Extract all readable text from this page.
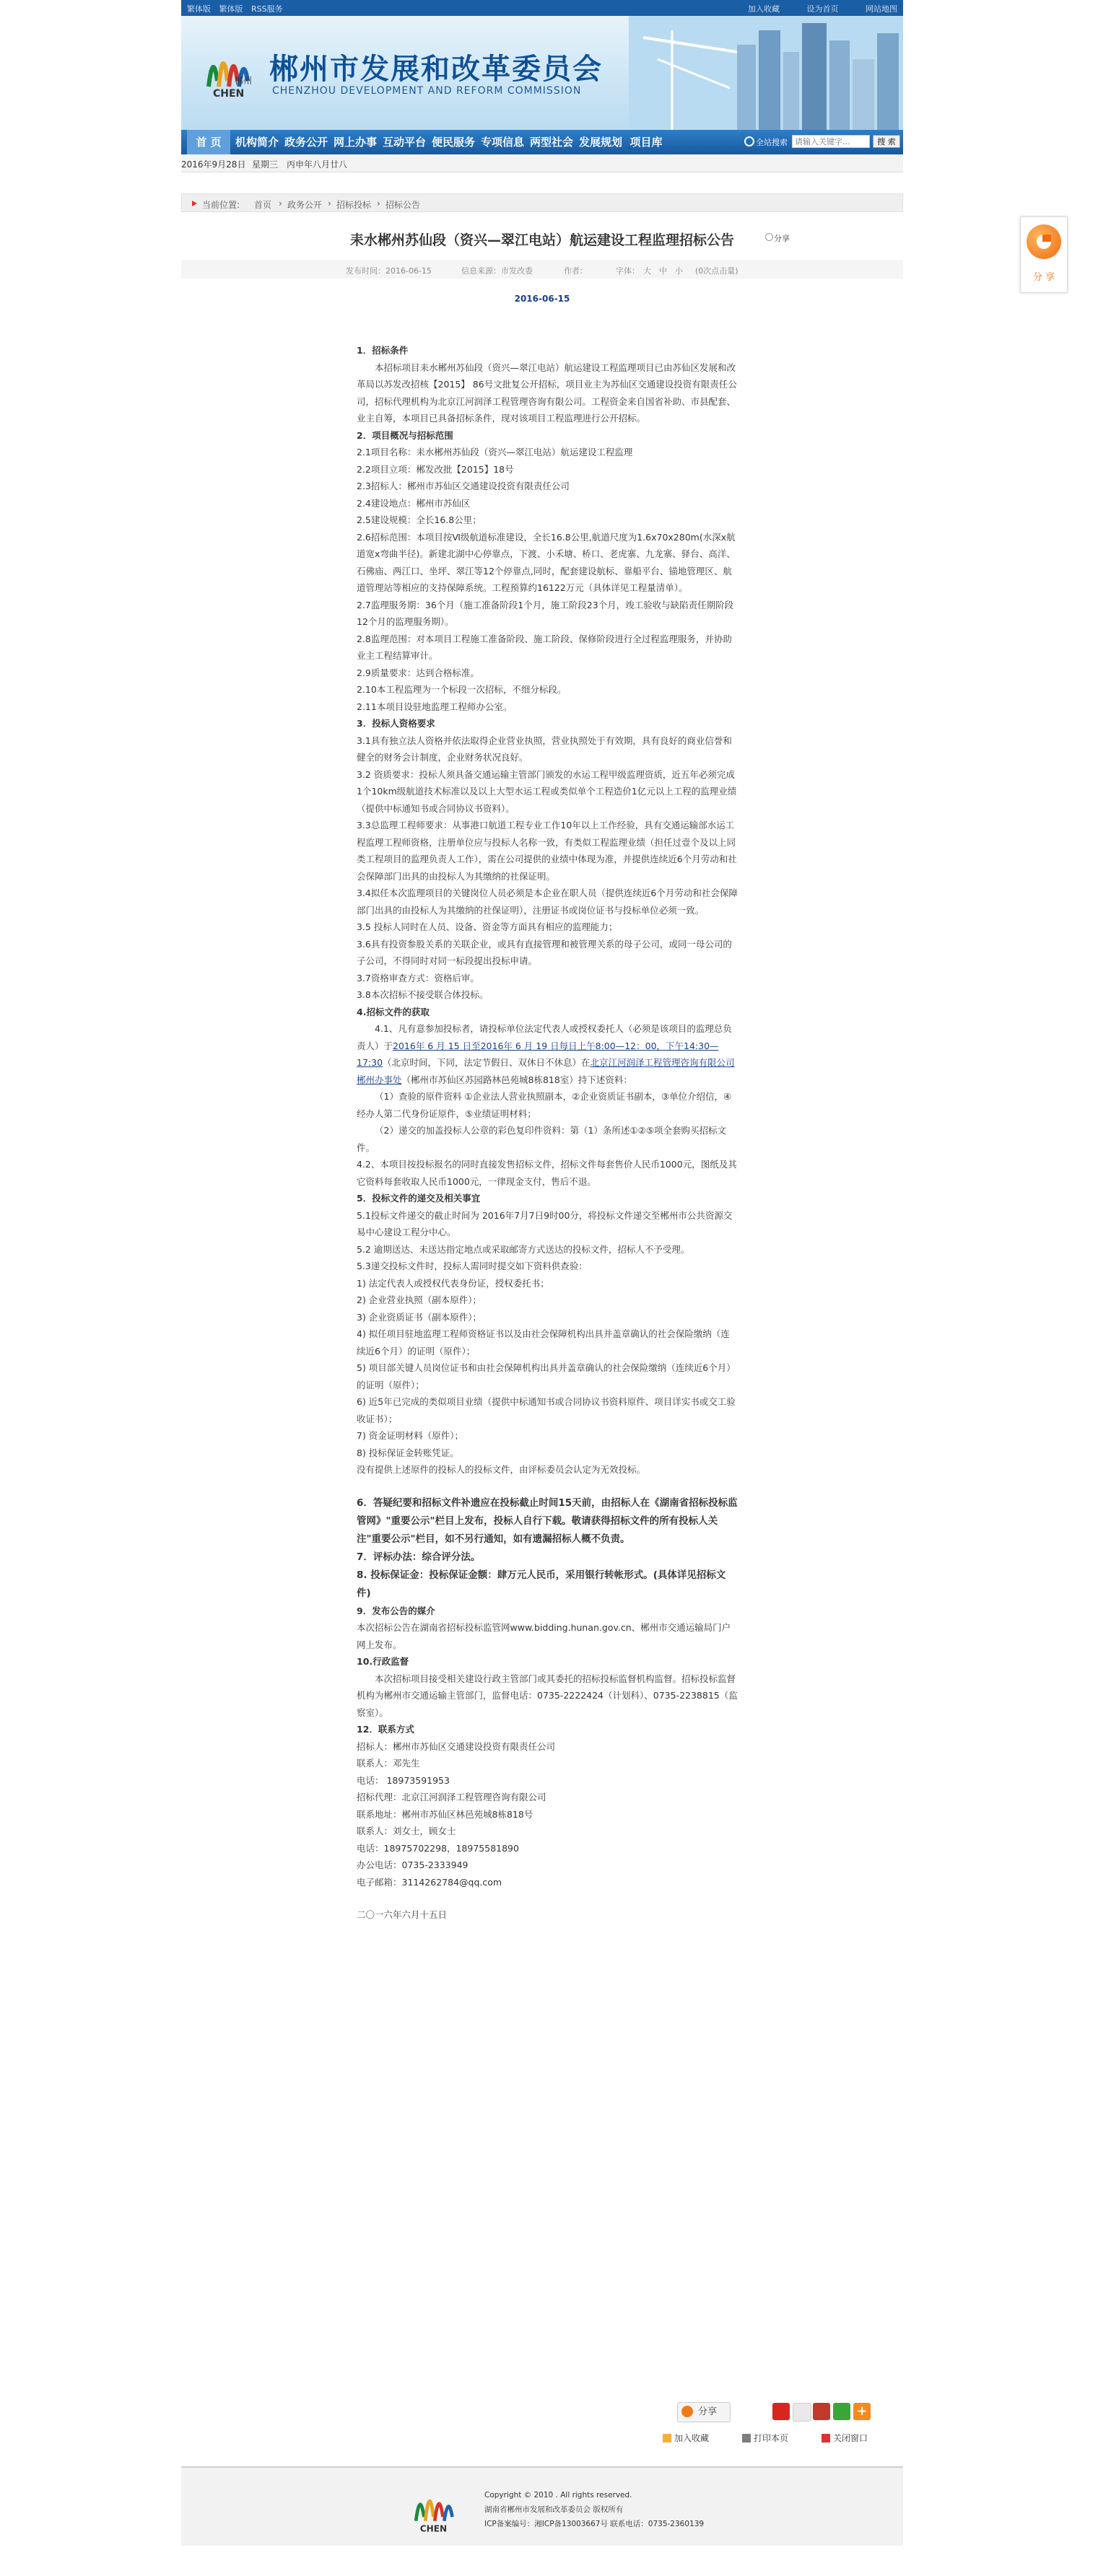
繁体版 繁体版 RSS服务	加入收藏	设为首页	网站地图
郴州
CHEN
郴州市发展和改革委员会
CHENZHOU DEVELOPMENT AND REFORM COMMISSION
首 页	机构简介 政务公开 网上办事 互动平台 便民服务 专项信息 两型社会 发展规划 项目库	全站搜索
请输入关键字...	搜 索
2016年9月28日 星期三 丙申年八月廿八
当前位置: 首页 › 政务公开 › 招标投标 › 招标公告
耒水郴州苏仙段（资兴—翠江电站）航运建设工程监理招标公告	分享
发布时间：2016-06-15	信息来源：市发改委	作者：	字体： 大 中 小 (0次点击量)
2016-06-15

1．招标条件

本招标项目耒水郴州苏仙段（资兴—翠江电站）航运建设工程监理项目已由苏仙区发展和改革局以苏发改招核【2015】 86号文批复公开招标，项目业主为苏仙区交通建设投资有限责任公司，招标代理机构为北京江河润泽工程管理咨询有限公司。工程资金来自国省补助、市县配套、业主自筹，本项目已具备招标条件，现对该项目工程监理进行公开招标。

2．项目概况与招标范围

2.1项目名称：耒水郴州苏仙段（资兴—翠江电站）航运建设工程监理

2.2项目立项：郴发改批【2015】18号

2.3招标人：郴州市苏仙区交通建设投资有限责任公司

2.4建设地点：郴州市苏仙区

2.5建设规模：全长16.8公里；

2.6招标范围：本项目按Ⅵ级航道标准建设，全长16.8公里,航道尺度为1.6x70x280m(水深x航道宽x弯曲半径)。新建北湖中心停靠点，下渡、小禾塘、桥口、老虎寨、九龙寨、驿台、高洋、石佛庙、两江口、坐坪、翠江等12个停靠点,同时，配套建设航标、靠船平台、锚地管理区、航道管理站等相应的支持保障系统。工程预算约16122万元（具体详见工程量清单）。

2.7监理服务期：36个月（施工准备阶段1个月，施工阶段23个月，竣工验收与缺陷责任期阶段12个月的监理服务期）。

2.8监理范围：对本项目工程施工准备阶段、施工阶段、保修阶段进行全过程监理服务，并协助业主工程结算审计。

2.9质量要求：达到合格标准。

2.10本工程监理为一个标段一次招标，不细分标段。

2.11本项目设驻地监理工程师办公室。

3．投标人资格要求

3.1具有独立法人资格并依法取得企业营业执照，营业执照处于有效期，具有良好的商业信誉和健全的财务会计制度，企业财务状况良好。

3.2 资质要求：投标人须具备交通运输主管部门颁发的水运工程甲级监理资质，近五年必须完成1个10km级航道技术标准以及以上大型水运工程或类似单个工程造价1亿元以上工程的监理业绩（提供中标通知书或合同协议书资料）。

3.3总监理工程师要求：从事港口航道工程专业工作10年以上工作经验，具有交通运输部水运工程监理工程师资格，注册单位应与投标人名称一致，有类似工程监理业绩（担任过壹个及以上同类工程项目的监理负责人工作），需在公司提供的业绩中体现为准，并提供连续近6个月劳动和社会保障部门出具的由投标人为其缴纳的社保证明。

3.4拟任本次监理项目的关键岗位人员必须是本企业在职人员（提供连续近6个月劳动和社会保障部门出具的由投标人为其缴纳的社保证明），注册证书或岗位证书与投标单位必须一致。

3.5 投标人同时在人员、设备、资金等方面具有相应的监理能力；

3.6具有投资参股关系的关联企业，或具有直接管理和被管理关系的母子公司，或同一母公司的子公司，不得同时对同一标段提出投标申请。

3.7资格审查方式：资格后审。

3.8本次招标不接受联合体投标。

4.招标文件的获取

4.1、凡有意参加投标者，请投标单位法定代表人或授权委托人（必须是该项目的监理总负责人）于2016年 6 月 15 日至2016年 6 月 19 日每日上午8:00—12：00，下午14:30—17:30（北京时间，下同，法定节假日、双休日不休息）在北京江河润泽工程管理咨询有限公司郴州办事处（郴州市苏仙区苏园路林邑苑城8栋818室）持下述资料：

（1）查验的原件资料 ①企业法人营业执照副本，②企业资质证书副本，③单位介绍信，④经办人第二代身份证原件，⑤业绩证明材料；

（2）递交的加盖投标人公章的彩色复印件资料：第（1）条所述①②⑤项全套购买招标文件。

4.2、本项目按投标报名的同时直接发售招标文件，招标文件每套售价人民币1000元，图纸及其它资料每套收取人民币1000元，一律现金支付，售后不退。

5．投标文件的递交及相关事宜

5.1投标文件递交的截止时间为 2016年7月7日9时00分，将投标文件递交至郴州市公共资源交易中心建设工程分中心。

5.2 逾期送达、未送达指定地点或采取邮寄方式送达的投标文件，招标人不予受理。

5.3递交投标文件时，投标人需同时提交如下资料供查验：

1) 法定代表人或授权代表身份证，授权委托书；

2) 企业营业执照（副本原件）；

3) 企业资质证书（副本原件）；

4) 拟任项目驻地监理工程师资格证书以及由社会保障机构出具并盖章确认的社会保险缴纳（连续近6个月）的证明（原件）；

5) 项目部关键人员岗位证书和由社会保障机构出具并盖章确认的社会保险缴纳（连续近6个月）的证明（原件）；

6) 近5年已完成的类似项目业绩（提供中标通知书或合同协议书资料原件、项目详实书或交工验收证书）；

7) 资金证明材料（原件）；

8) 投标保证金转账凭证。

没有提供上述原件的投标人的投标文件，由评标委员会认定为无效投标。

6．答疑纪要和招标文件补遗应在投标截止时间15天前，由招标人在《湖南省招标投标监管网》"重要公示"栏目上发布，投标人自行下载。敬请获得招标文件的所有投标人关注"重要公示"栏目，如不另行通知，如有遗漏招标人概不负责。

7．评标办法：综合评分法。

8. 投标保证金：投标保证金额：肆万元人民币，采用银行转帐形式。(具体详见招标文件)

9．发布公告的媒介

本次招标公告在湖南省招标投标监管网www.bidding.hunan.gov.cn、郴州市交通运输局门户网上发布。

10.行政监督

本次招标项目接受相关建设行政主管部门或其委托的招标投标监督机构监督。招标投标监督机构为郴州市交通运输主管部门，监督电话：0735-2222424（计划科）、0735-2238815（监察室）。

12．联系方式

招标人：郴州市苏仙区交通建设投资有限责任公司

联系人：邓先生

电话： 18973591953

招标代理：北京江河润泽工程管理咨询有限公司

联系地址：郴州市苏仙区林邑苑城8栋818号

联系人：刘女士，顾女士

电话：18975702298，18975581890

办公电话：0735-2333949

电子邮箱：3114262784@qq.com

二〇一六年六月十五日

分享	+
加入收藏	打印本页	关闭窗口
CHEN
Copyright © 2010 . All rights reserved.
湖南省郴州市发展和改革委员会 版权所有
ICP备案编号：湘ICP备13003667号 联系电话：0735-2360139
分 享
